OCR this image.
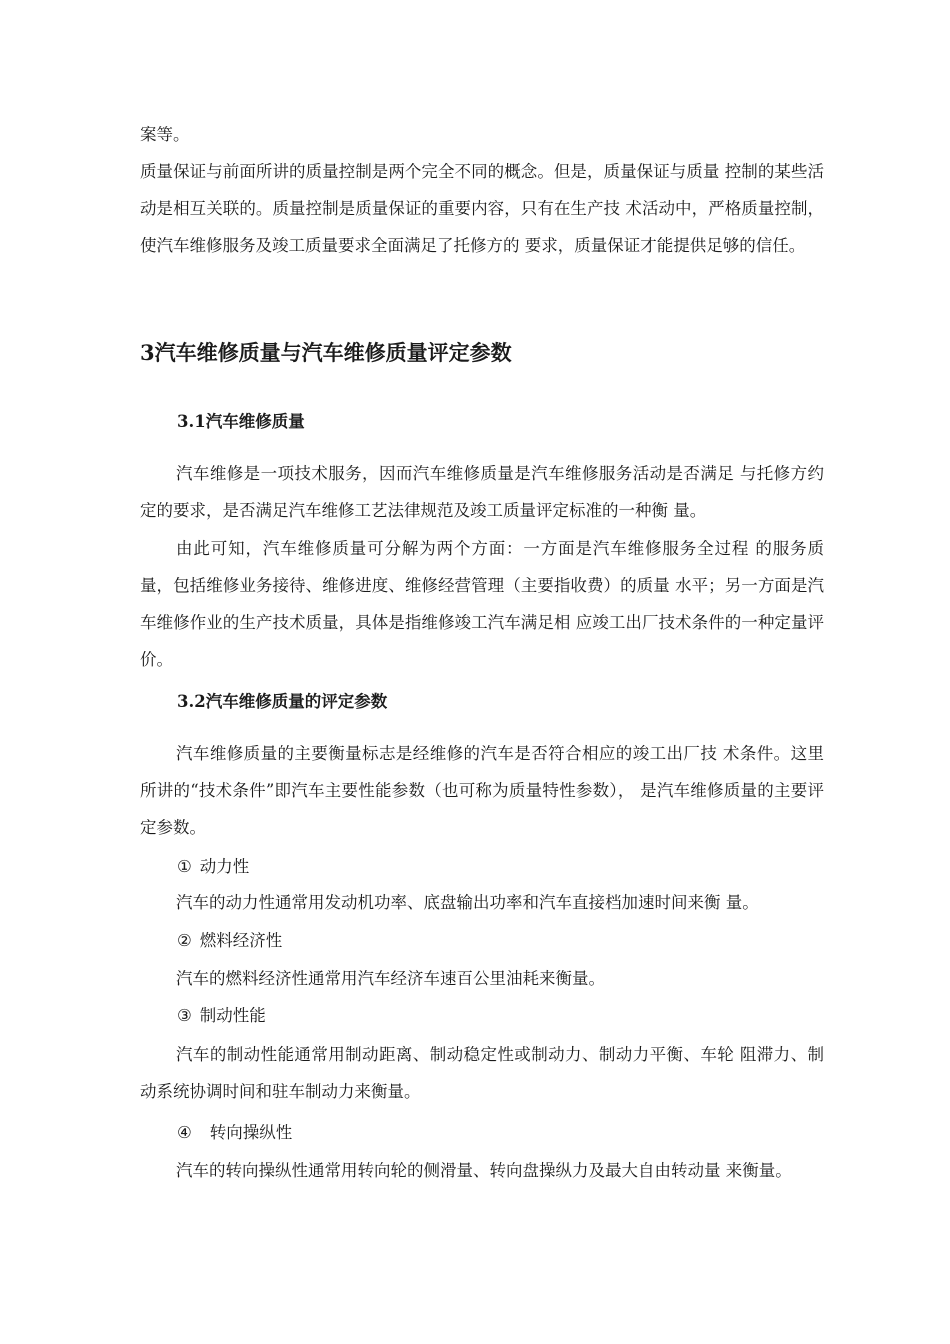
案等。

质量保证与前面所讲的质量控制是两个完全不同的概念。但是，质量保证与质量 控制的某些活动是相互关联的。质量控制是质量保证的重要内容，只有在生产技 术活动中，严格质量控制，使汽车维修服务及竣工质量要求全面满足了托修方的 要求，质量保证才能提供足够的信任。

3汽车维修质量与汽车维修质量评定参数
3.1汽车维修质量

汽车维修是一项技术服务，因而汽车维修质量是汽车维修服务活动是否满足 与托修方约定的要求，是否满足汽车维修工艺法律规范及竣工质量评定标准的一种衡 量。

由此可知，汽车维修质量可分解为两个方面：一方面是汽车维修服务全过程 的服务质量，包括维修业务接待、维修进度、维修经营管理（主要指收费）的质量 水平；另一方面是汽车维修作业的生产技术质量，具体是指维修竣工汽车满足相 应竣工出厂技术条件的一种定量评价。

3.2汽车维修质量的评定参数

汽车维修质量的主要衡量标志是经维修的汽车是否符合相应的竣工出厂技 术条件。这里所讲的“技术条件”即汽车主要性能参数（也可称为质量特性参数）， 是汽车维修质量的主要评定参数。

① 动力性

汽车的动力性通常用发动机功率、底盘输出功率和汽车直接档加速时间来衡 量。

② 燃料经济性

汽车的燃料经济性通常用汽车经济车速百公里油耗来衡量。

③ 制动性能

汽车的制动性能通常用制动距离、制动稳定性或制动力、制动力平衡、车轮 阻滞力、制动系统协调时间和驻车制动力来衡量。

④ 转向操纵性

汽车的转向操纵性通常用转向轮的侧滑量、转向盘操纵力及最大自由转动量 来衡量。
